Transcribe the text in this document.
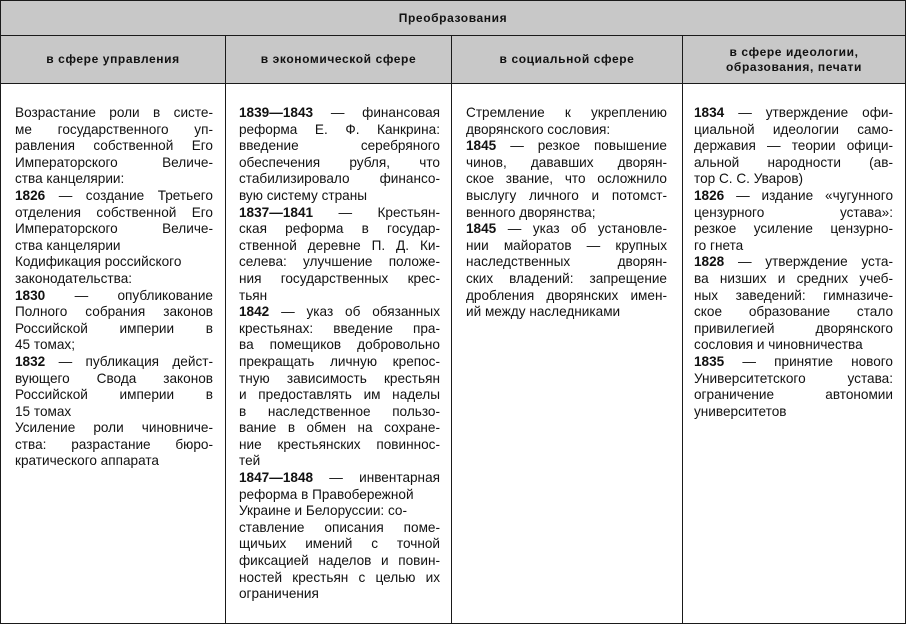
Преобразования
в сфере управления	в экономической сфере	в социальной сфере
в сфере идеологии,
образования, печати
Возрастание роли в систе-
ме государственного уп-
равления собственной Его
Императорского Величе-
ства канцелярии:
1826 — создание Третьего
отделения собственной Его
Императорского Величе-
ства канцелярии
Кодификация российского
законодательства:
1830 — опубликование
Полного собрания законов
Российской империи в
45 томах;
1832 — публикация дейст-
вующего Свода законов
Российской империи в
15 томах
Усиление роли чиновниче-
ства: разрастание бюро-
кратического аппарата
1839—1843 — финансовая
реформа Е. Ф. Канкрина:
введение серебряного
обеспечения рубля, что
стабилизировало финансо-
вую систему страны
1837—1841 — Крестьян-
ская реформа в государ-
ственной деревне П. Д. Ки-
селева: улучшение положе-
ния государственных крес-
тьян
1842 — указ об обязанных
крестьянах: введение пра-
ва помещиков добровольно
прекращать личную крепос-
тную зависимость крестьян
и предоставлять им наделы
в наследственное пользо-
вание в обмен на сохране-
ние крестьянских повиннос-
тей
1847—1848 — инвентарная
реформа в Правобережной
Украине и Белоруссии: со-
ставление описания поме-
щичьих имений с точной
фиксацией наделов и повин-
ностей крестьян с целью их
ограничения
Стремление к укреплению
дворянского сословия:
1845 — резкое повышение
чинов, дававших дворян-
ское звание, что осложнило
выслугу личного и потомст-
венного дворянства;
1845 — указ об установле-
нии майоратов — крупных
наследственных дворян-
ских владений: запрещение
дробления дворянских имен-
ий между наследниками
1834 — утверждение офи-
циальной идеологии само-
державия — теории офици-
альной народности (ав-
тор С. С. Уваров)
1826 — издание «чугунного
цензурного устава»:
резкое усиление цензурно-
го гнета
1828 — утверждение уста-
ва низших и средних учеб-
ных заведений: гимназиче-
ское образование стало
привилегией дворянского
сословия и чиновничества
1835 — принятие нового
Университетского устава:
ограничение автономии
университетов
